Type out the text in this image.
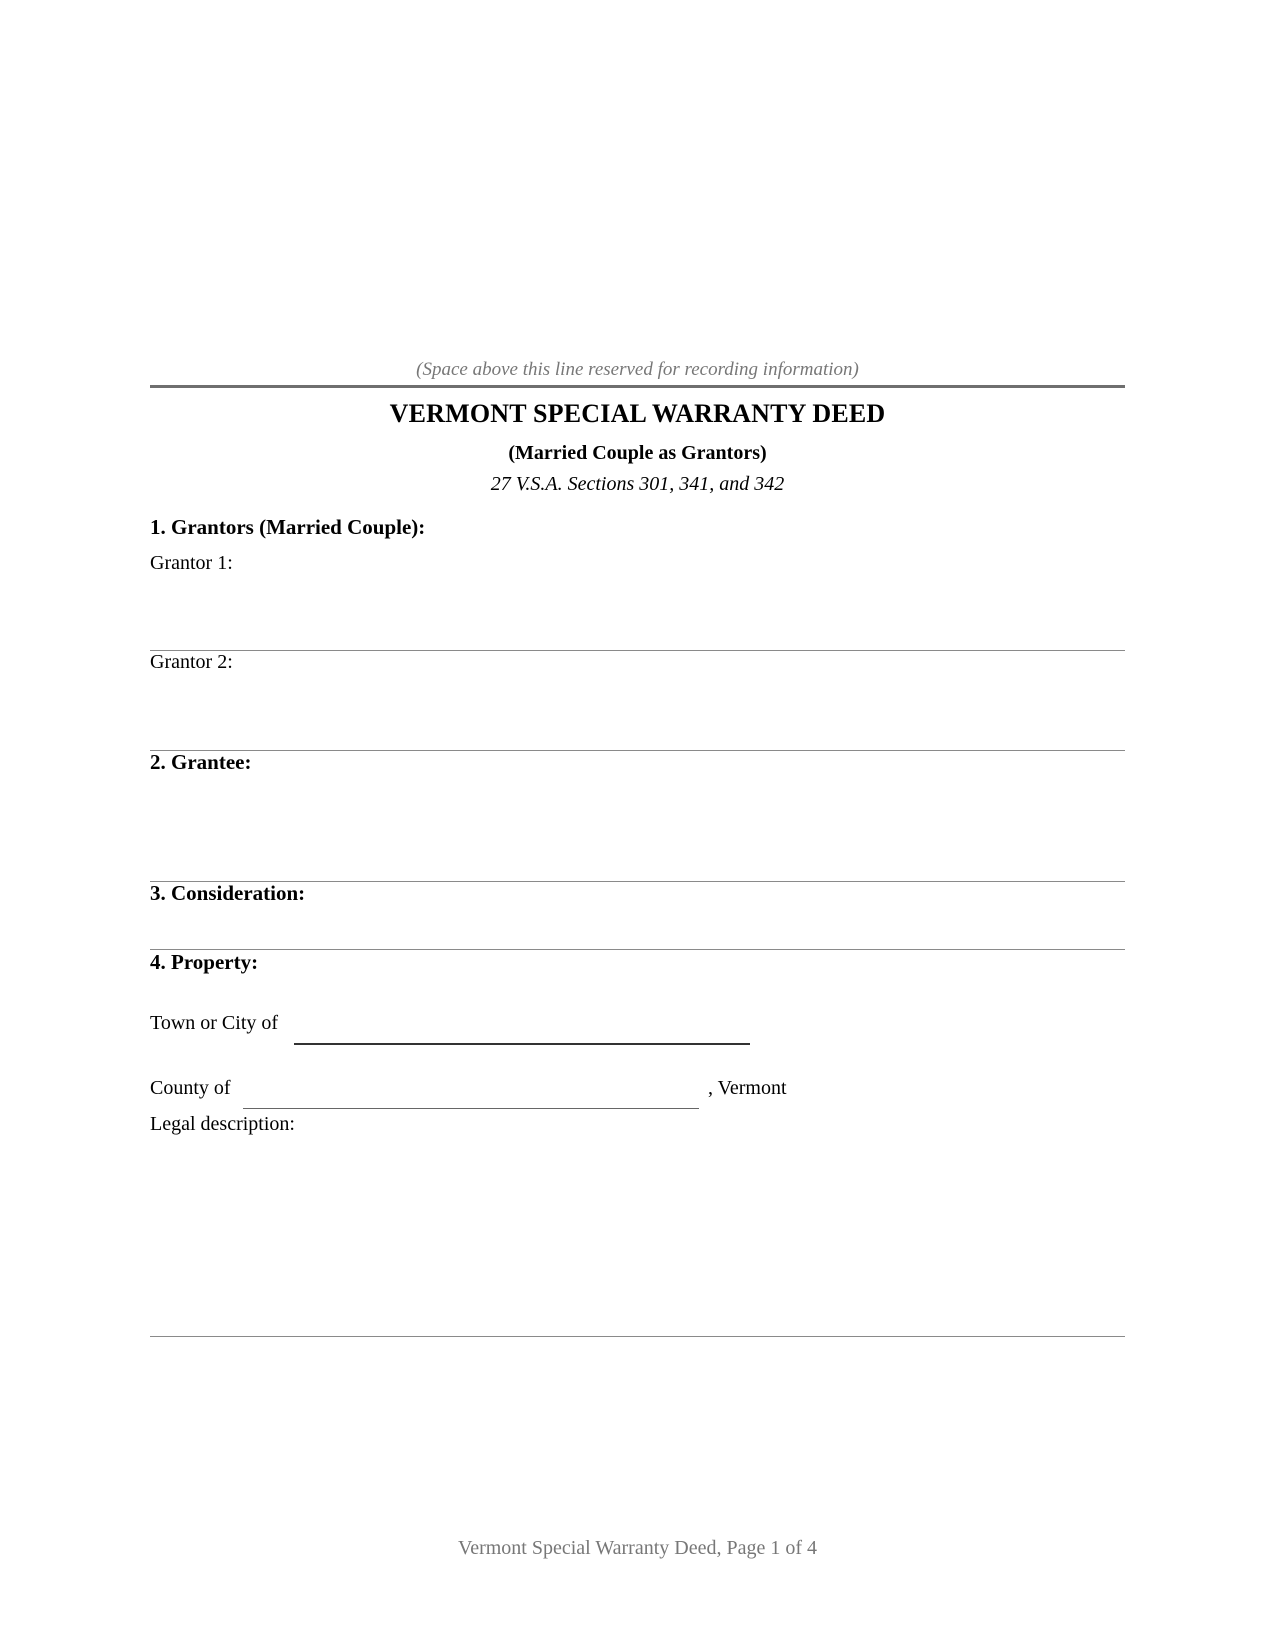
(Space above this line reserved for recording information)
VERMONT SPECIAL WARRANTY DEED
(Married Couple as Grantors)
27 V.S.A. Sections 301, 341, and 342
1. Grantors (Married Couple):
Grantor 1:
Grantor 2:
2. Grantee:
3. Consideration:
4. Property:
Town or City of
County of	, Vermont
Legal description:
Vermont Special Warranty Deed, Page 1 of 4
